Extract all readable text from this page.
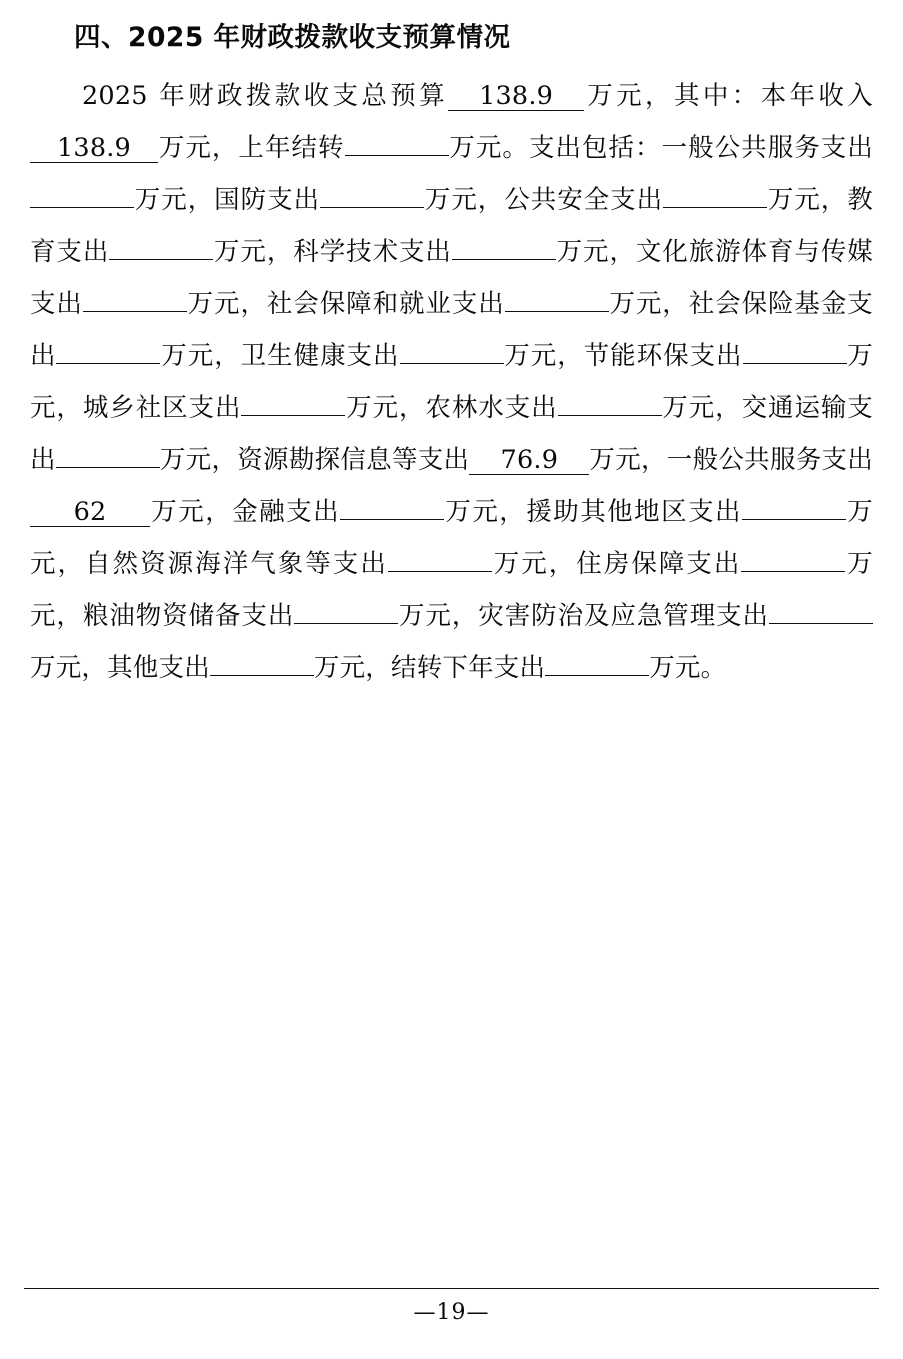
四、2025 年财政拨款收支预算情况
2025 年财政拨款收支总预算 138.9 万元，其中：本年收入138.9 万元，上年结转	万元。支出包括：一般公共服务支出万元，国防支出	万元，公共安全支出	万元，教育支出	万元，科学技术支出	万元，文化旅游体育与传媒支出	万元，社会保障和就业支出	万元，社会保险基金支出	万元，卫生健康支出	万元，节能环保支出	万元，城乡社区支出	万元，农林水支出	万元，交通运输支出	万元，资源勘探信息等支出 76.9 万元，一般公共服务支出62 万元，金融支出	万元，援助其他地区支出	万元，自然资源海洋气象等支出	万元，住房保障支出	万元，粮油物资储备支出	万元，灾害防治及应急管理支出万元，其他支出	万元，结转下年支出	万元。
—19—
